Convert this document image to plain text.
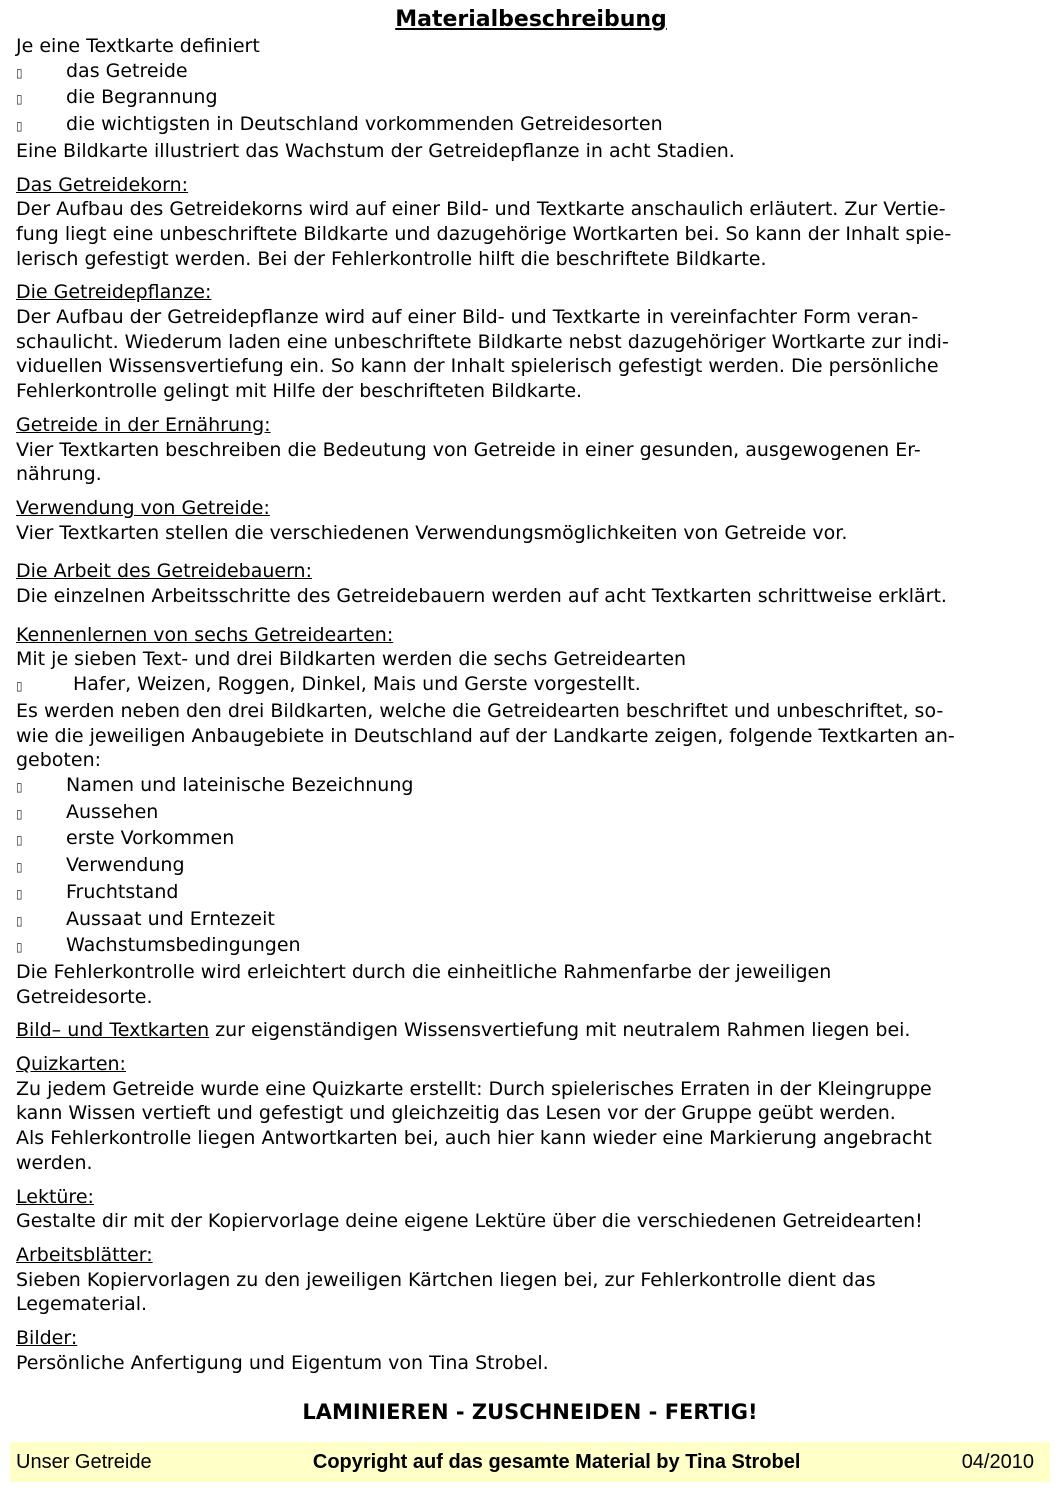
Materialbeschreibung

Je eine Textkarte definiert

▯	das Getreide

▯	die Begrannung

▯	die wichtigsten in Deutschland vorkommenden Getreidesorten

Eine Bildkarte illustriert das Wachstum der Getreidepflanze in acht Stadien.

Das Getreidekorn:

Der Aufbau des Getreidekorns wird auf einer Bild- und Textkarte anschaulich erläutert. Zur Vertie-

fung liegt eine unbeschriftete Bildkarte und dazugehörige Wortkarten bei. So kann der Inhalt spie-

lerisch gefestigt werden. Bei der Fehlerkontrolle hilft die beschriftete Bildkarte.

Die Getreidepflanze:

Der Aufbau der Getreidepflanze wird auf einer Bild- und Textkarte in vereinfachter Form veran-

schaulicht. Wiederum laden eine unbeschriftete Bildkarte nebst dazugehöriger Wortkarte zur indi-

viduellen Wissensvertiefung ein. So kann der Inhalt spielerisch gefestigt werden. Die persönliche

Fehlerkontrolle gelingt mit Hilfe der beschrifteten Bildkarte.

Getreide in der Ernährung:

Vier Textkarten beschreiben die Bedeutung von Getreide in einer gesunden, ausgewogenen Er-

nährung.

Verwendung von Getreide:

Vier Textkarten stellen die verschiedenen Verwendungsmöglichkeiten von Getreide vor.

Die Arbeit des Getreidebauern:

Die einzelnen Arbeitsschritte des Getreidebauern werden auf acht Textkarten schrittweise erklärt.

Kennenlernen von sechs Getreidearten:

Mit je sieben Text- und drei Bildkarten werden die sechs Getreidearten

▯	Hafer, Weizen, Roggen, Dinkel, Mais und Gerste vorgestellt.

Es werden neben den drei Bildkarten, welche die Getreidearten beschriftet und unbeschriftet, so-

wie die jeweiligen Anbaugebiete in Deutschland auf der Landkarte zeigen, folgende Textkarten an-

geboten:

▯	Namen und lateinische Bezeichnung

▯	Aussehen

▯	erste Vorkommen

▯	Verwendung

▯	Fruchtstand

▯	Aussaat und Erntezeit

▯	Wachstumsbedingungen

Die Fehlerkontrolle wird erleichtert durch die einheitliche Rahmenfarbe der jeweiligen

Getreidesorte.

Bild– und Textkarten zur eigenständigen Wissensvertiefung mit neutralem Rahmen liegen bei.

Quizkarten:

Zu jedem Getreide wurde eine Quizkarte erstellt: Durch spielerisches Erraten in der Kleingruppe

kann Wissen vertieft und gefestigt und gleichzeitig das Lesen vor der Gruppe geübt werden.

Als Fehlerkontrolle liegen Antwortkarten bei, auch hier kann wieder eine Markierung angebracht

werden.

Lektüre:

Gestalte dir mit der Kopiervorlage deine eigene Lektüre über die verschiedenen Getreidearten!

Arbeitsblätter:

Sieben Kopiervorlagen zu den jeweiligen Kärtchen liegen bei, zur Fehlerkontrolle dient das

Legematerial.

Bilder:

Persönliche Anfertigung und Eigentum von Tina Strobel.

LAMINIEREN - ZUSCHNEIDEN - FERTIG!
Unser Getreide	Copyright auf das gesamte Material by Tina Strobel	04/2010
